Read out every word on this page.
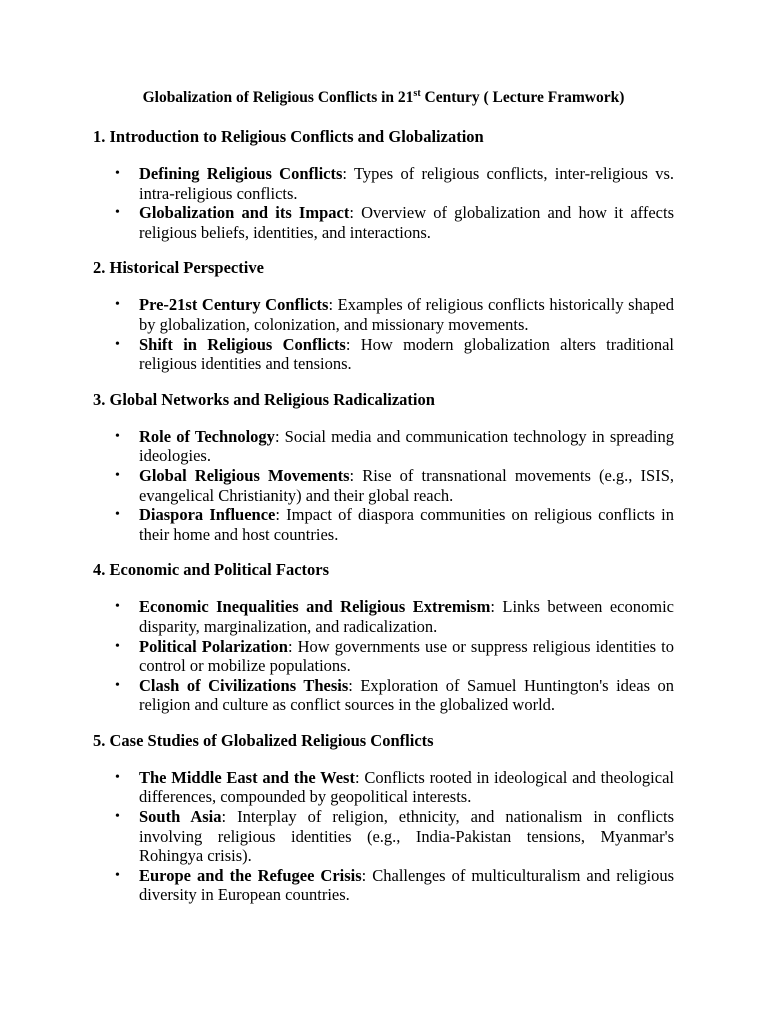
Globalization of Religious Conflicts in 21st Century ( Lecture Framwork)
1. Introduction to Religious Conflicts and Globalization
• Defining Religious Conflicts: Types of religious conflicts, inter-religious vs. intra-religious conflicts.
• Globalization and its Impact: Overview of globalization and how it affects religious beliefs, identities, and interactions.
2. Historical Perspective
• Pre-21st Century Conflicts: Examples of religious conflicts historically shaped by globalization, colonization, and missionary movements.
• Shift in Religious Conflicts: How modern globalization alters traditional religious identities and tensions.
3. Global Networks and Religious Radicalization
• Role of Technology: Social media and communication technology in spreading ideologies.
• Global Religious Movements: Rise of transnational movements (e.g., ISIS, evangelical Christianity) and their global reach.
• Diaspora Influence: Impact of diaspora communities on religious conflicts in their home and host countries.
4. Economic and Political Factors
• Economic Inequalities and Religious Extremism: Links between economic disparity, marginalization, and radicalization.
• Political Polarization: How governments use or suppress religious identities to control or mobilize populations.
• Clash of Civilizations Thesis: Exploration of Samuel Huntington's ideas on religion and culture as conflict sources in the globalized world.
5. Case Studies of Globalized Religious Conflicts
• The Middle East and the West: Conflicts rooted in ideological and theological differences, compounded by geopolitical interests.
• South Asia: Interplay of religion, ethnicity, and nationalism in conflicts involving religious identities (e.g., India-Pakistan tensions, Myanmar's Rohingya crisis).
• Europe and the Refugee Crisis: Challenges of multiculturalism and religious diversity in European countries.
